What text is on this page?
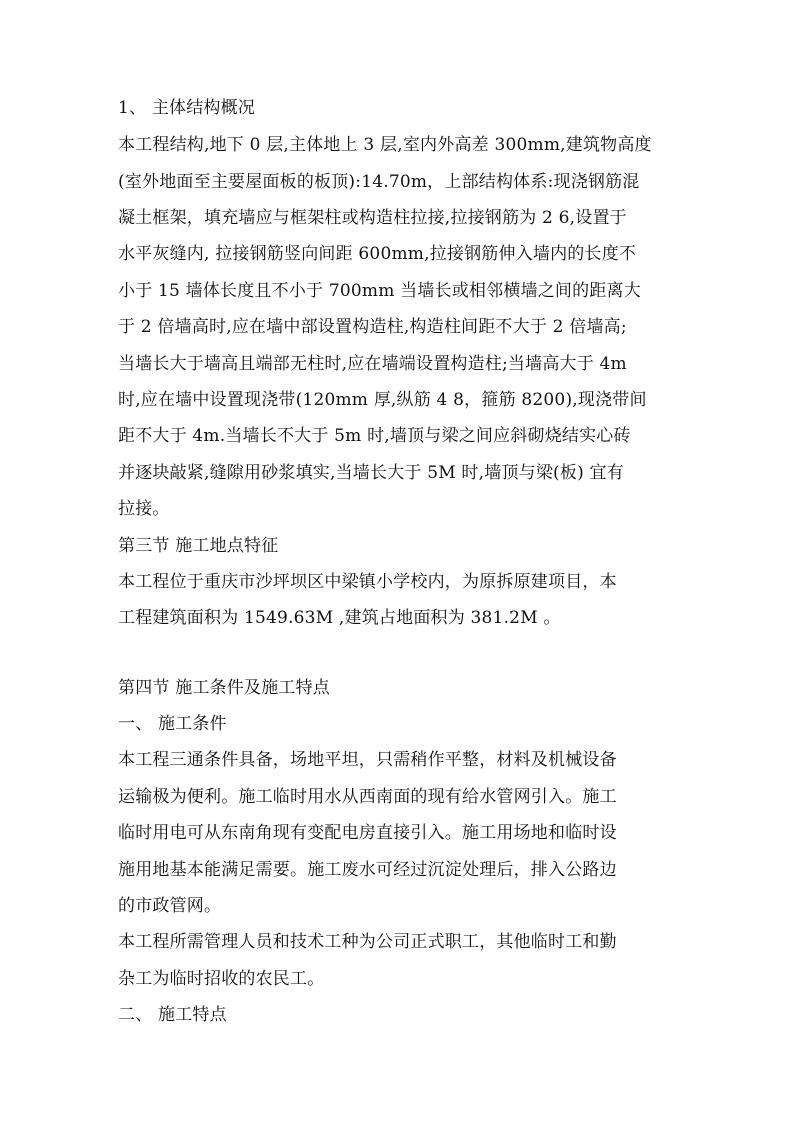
1、 主体结构概况
本工程结构,地下 0 层,主体地上 3 层,室内外高差 300mm,建筑物高度
(室外地面至主要屋面板的板顶):14.70m，上部结构体系:现浇钢筋混
凝土框架，填充墙应与框架柱或构造柱拉接,拉接钢筋为 2 6,设置于
水平灰缝内, 拉接钢筋竖向间距 600mm,拉接钢筋伸入墙内的长度不
小于 15 墙体长度且不小于 700mm 当墙长或相邻横墙之间的距离大
于 2 倍墙高时,应在墙中部设置构造柱,构造柱间距不大于 2 倍墙高;
当墙长大于墙高且端部无柱时,应在墙端设置构造柱;当墙高大于 4m
时,应在墙中设置现浇带(120mm 厚,纵筋 4 8，箍筋 8200),现浇带间
距不大于 4m.当墙长不大于 5m 时,墙顶与梁之间应斜砌烧结实心砖
并逐块敲紧,缝隙用砂浆填实,当墙长大于 5M 时,墙顶与梁(板) 宜有
拉接。
第三节 施工地点特征
本工程位于重庆市沙坪坝区中梁镇小学校内，为原拆原建项目，本
工程建筑面积为 1549.63M ,建筑占地面积为 381.2M 。
第四节 施工条件及施工特点
一、 施工条件
本工程三通条件具备，场地平坦，只需稍作平整，材料及机械设备
运输极为便利。施工临时用水从西南面的现有给水管网引入。施工
临时用电可从东南角现有变配电房直接引入。施工用场地和临时设
施用地基本能满足需要。施工废水可经过沉淀处理后，排入公路边
的市政管网。
本工程所需管理人员和技术工种为公司正式职工，其他临时工和勤
杂工为临时招收的农民工。
二、 施工特点
